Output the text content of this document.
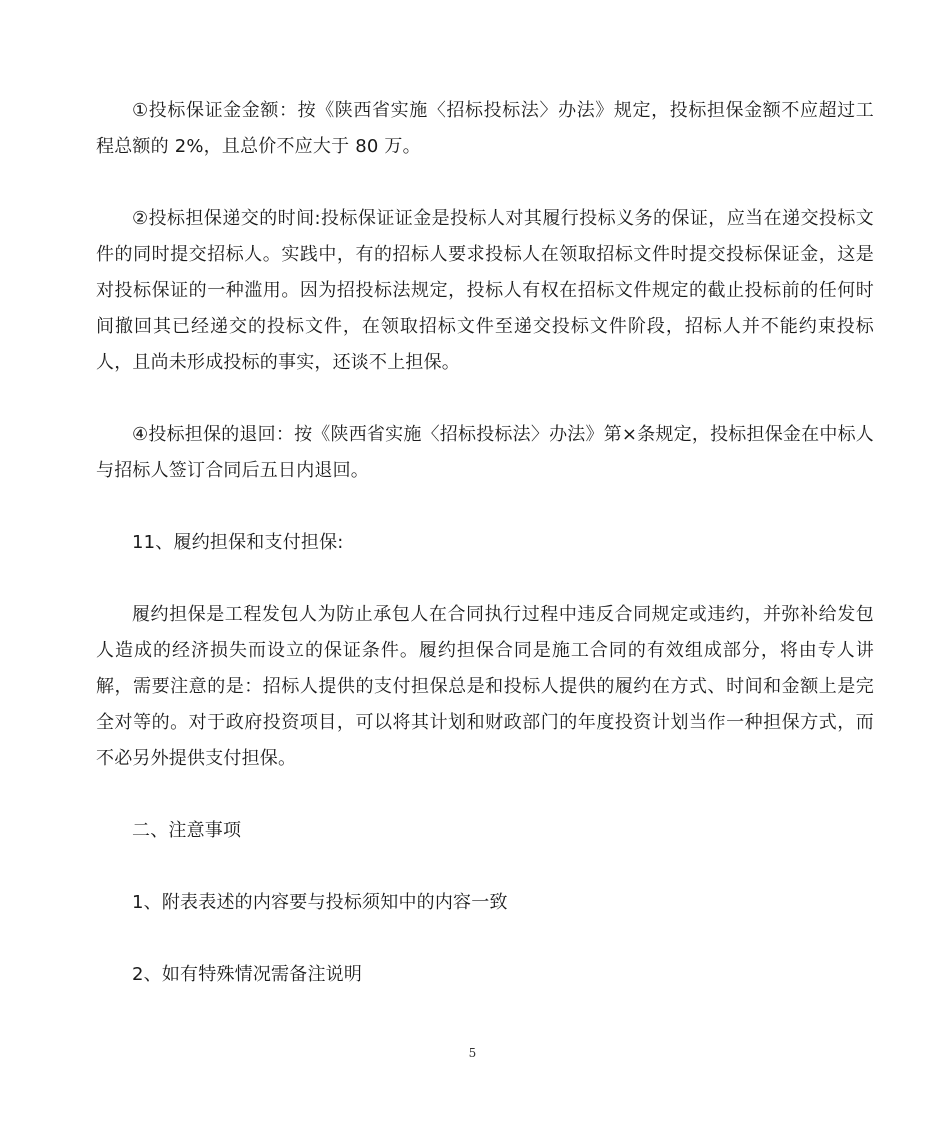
①投标保证金金额：按《陕西省实施〈招标投标法〉办法》规定，投标担保金额不应超过工程总额的 2%，且总价不应大于 80 万。

②投标担保递交的时间:投标保证证金是投标人对其履行投标义务的保证，应当在递交投标文件的同时提交招标人。实践中，有的招标人要求投标人在领取招标文件时提交投标保证金，这是对投标保证的一种滥用。因为招投标法规定，投标人有权在招标文件规定的截止投标前的任何时间撤回其已经递交的投标文件，在领取招标文件至递交投标文件阶段，招标人并不能约束投标人，且尚未形成投标的事实，还谈不上担保。

④投标担保的退回：按《陕西省实施〈招标投标法〉办法》第×条规定，投标担保金在中标人与招标人签订合同后五日内退回。

11、履约担保和支付担保:

履约担保是工程发包人为防止承包人在合同执行过程中违反合同规定或违约，并弥补给发包人造成的经济损失而设立的保证条件。履约担保合同是施工合同的有效组成部分，将由专人讲解，需要注意的是：招标人提供的支付担保总是和投标人提供的履约在方式、时间和金额上是完全对等的。对于政府投资项目，可以将其计划和财政部门的年度投资计划当作一种担保方式，而不必另外提供支付担保。

二、注意事项

1、附表表述的内容要与投标须知中的内容一致

2、如有特殊情况需备注说明

5
